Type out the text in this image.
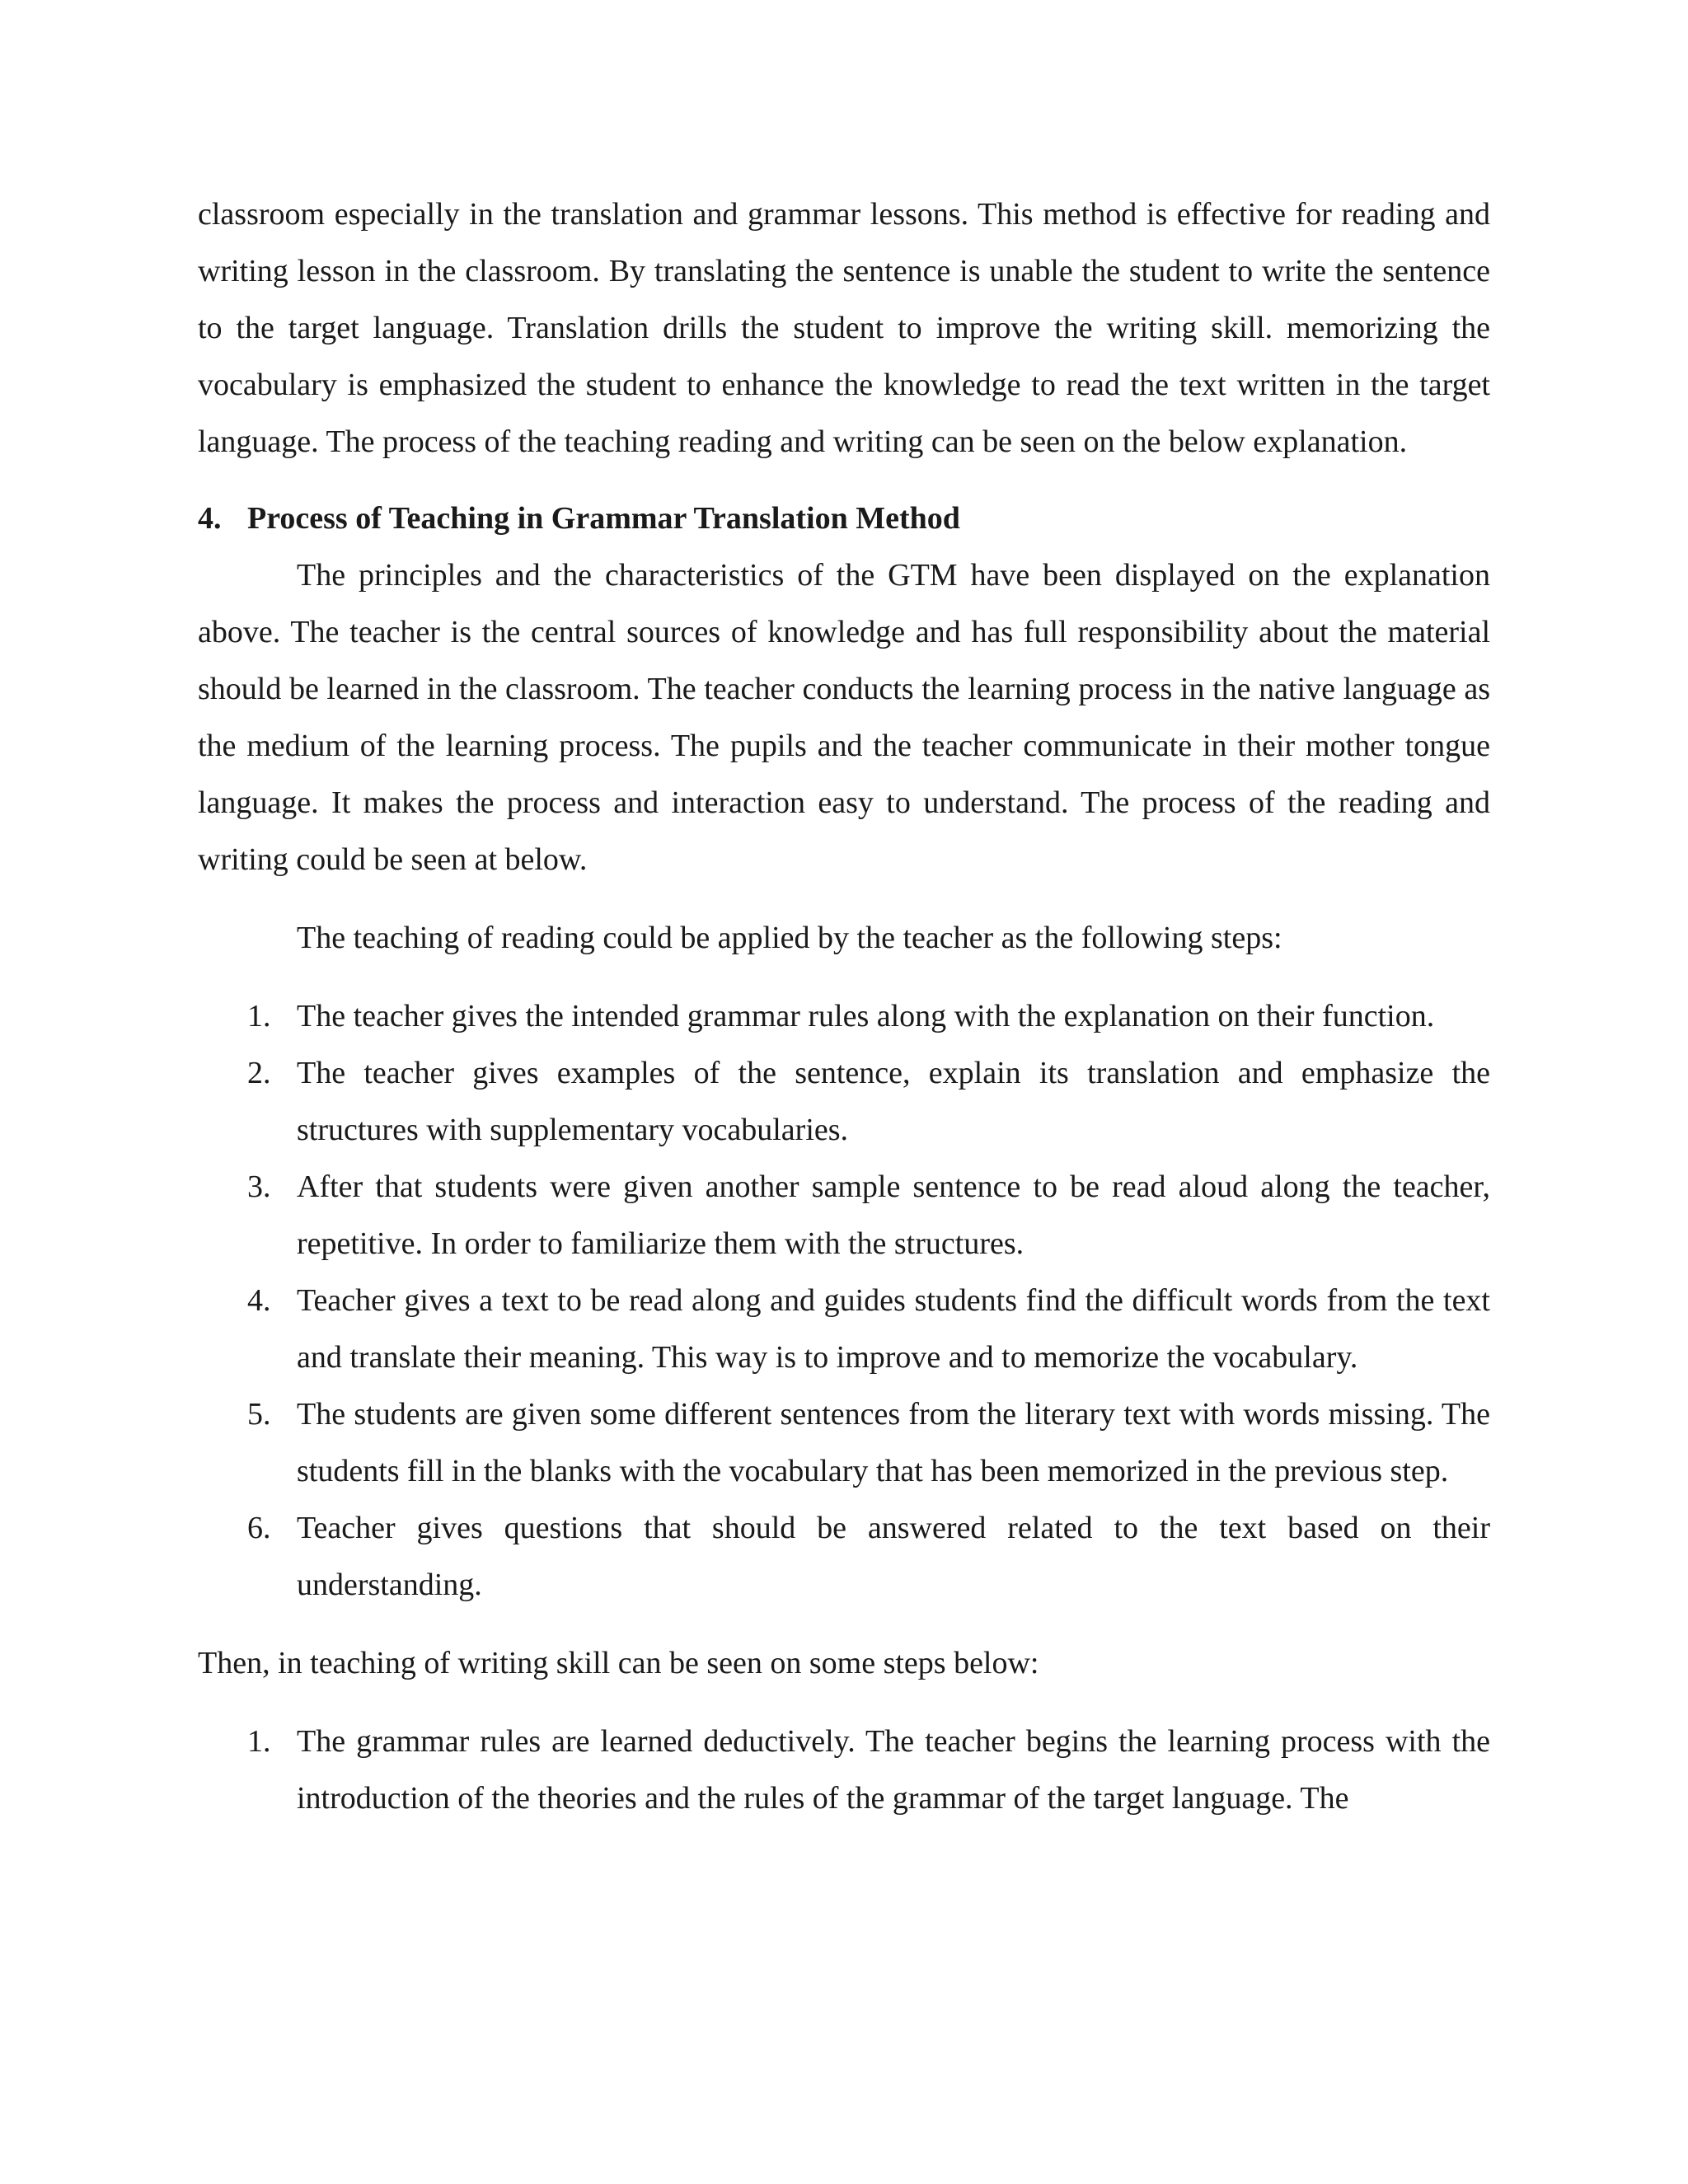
classroom especially in the translation and grammar lessons. This method is effective for reading and writing lesson in the classroom. By translating the sentence is unable the student to write the sentence to the target language. Translation drills the student to improve the writing skill. memorizing the vocabulary is emphasized the student to enhance the knowledge to read the text written in the target language. The process of the teaching reading and writing can be seen on the below explanation.

4. Process of Teaching in Grammar Translation Method

The principles and the characteristics of the GTM have been displayed on the explanation above. The teacher is the central sources of knowledge and has full responsibility about the material should be learned in the classroom. The teacher conducts the learning process in the native language as the medium of the learning process. The pupils and the teacher communicate in their mother tongue language. It makes the process and interaction easy to understand. The process of the reading and writing could be seen at below.

The teaching of reading could be applied by the teacher as the following steps:

1. The teacher gives the intended grammar rules along with the explanation on their function.
2. The teacher gives examples of the sentence, explain its translation and emphasize the structures with supplementary vocabularies.
3. After that students were given another sample sentence to be read aloud along the teacher, repetitive. In order to familiarize them with the structures.
4. Teacher gives a text to be read along and guides students find the difficult words from the text and translate their meaning. This way is to improve and to memorize the vocabulary.
5. The students are given some different sentences from the literary text with words missing. The students fill in the blanks with the vocabulary that has been memorized in the previous step.
6. Teacher gives questions that should be answered related to the text based on their understanding.

Then, in teaching of writing skill can be seen on some steps below:

1. The grammar rules are learned deductively. The teacher begins the learning process with the introduction of the theories and the rules of the grammar of the target language. The
